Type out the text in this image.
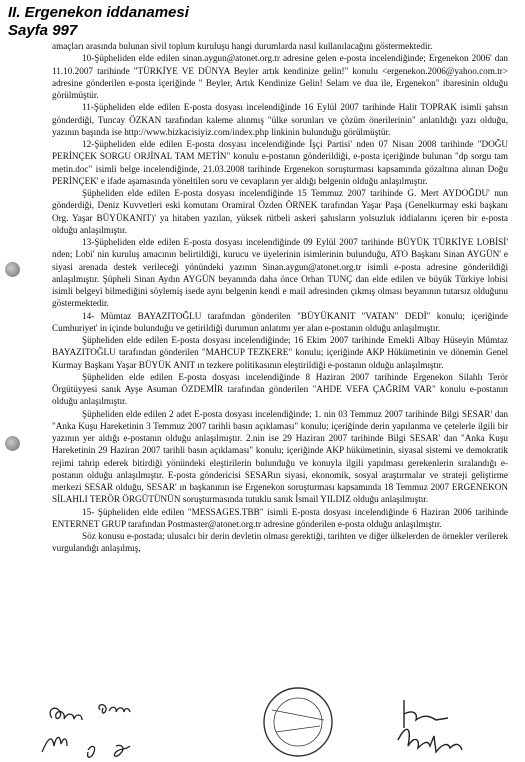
II. Ergenekon iddanamesi
Sayfa 997

amaçları arasında bulunan sivil toplum kuruluşu hangi durumlarda nasıl kullanılacağını göstermektedir.

10-Şüpheliden elde edilen sinan.aygun@atonet.org.tr adresine gelen e-posta incelendiğinde; Ergenekon 2006' dan 11.10.2007 tarihinde "TÜRKİYE VE DÜNYA Beyler artık kendinize gelin!" konulu <ergenekon.2006@yahoo.com.tr> adresine gönderilen e-posta içeriğinde " Beyler, Artık Kendinize Gelin! Selam ve dua ile, Ergenekon" ibaresinin olduğu görülmüştür.

11-Şüpheliden elde edilen E-posta dosyası incelendiğinde 16 Eylül 2007 tarihinde Halit TOPRAK isimli şahsın gönderdiği, Tuncay ÖZKAN tarafından kaleme alınmış "ülke sorunları ve çözüm önerilerinin" anlatıldığı yazı olduğu, yazının başında ise http://www.bizkacisiyiz.com/index.php linkinin bulunduğu görülmüştür.

12-Şüpheliden elde edilen E-posta dosyası incelendiğinde İşçi Partisi' nden 07 Nisan 2008 tarihinde "DOĞU PERİNÇEK SORGU ORJİNAL TAM METİN" konulu e-postanın gönderildiği, e-posta içeriğinde bulunan "dp sorgu tam metin.doc" isimli belge incelendiğinde, 21.03.2008 tarihinde Ergenekon soruşturması kapsamında gözaltına alınan Doğu PERİNÇEK' e ifade aşamasında yöneltilen soru ve cevapların yer aldığı belgenin olduğu anlaşılmıştır.

Şüpheliden elde edilen E-posta dosyası incelendiğinde 15 Temmuz 2007 tarihinde G. Mert AYDOĞDU' nun gönderdiği, Deniz Kuvvetleri eski komutanı Oramiral Özden ÖRNEK tarafından Yaşar Paşa (Genelkurmay eski başkanı Org. Yaşar BÜYÜKANIT)' ya hitaben yazılan, yüksek rütbeli askeri şahısların yolsuzluk iddialarını içeren bir e-posta olduğu anlaşılmıştır.

13-Şüpheliden elde edilen E-posta dosyası incelendiğinde 09 Eylül 2007 tarihinde BÜYÜK TÜRKİYE LOBİSİ' nden; Lobi' nin kuruluş amacının belirtildiği, kurucu ve üyelerinin isimlerinin bulunduğu, ATO Başkanı Sinan AYGÜN' e siyasi arenada destek verileceği yönündeki yazının Sinan.aygun@atonet.org.tr isimli e-posta adresine gönderildiği anlaşılmıştır. Şüpheli Sinan Aydın AYGÜN beyanında daha önce Orhan TUNÇ dan elde edilen ve büyük Türkiye lobisi isimli belgeyi bilmediğini söylemiş isede aynı belgenin kendi e mail adresinden çıkmış olması beyanının tutarsız olduğunu göstermektedir.

14- Mümtaz BAYAZITOĞLU tarafından gönderilen "BÜYÜKANIT "VATAN" DEDİ" konulu; içeriğinde Cumhuriyet' in içinde bulunduğu ve getirildiği durumun anlatımı yer alan e-postanın olduğu anlaşılmıştır.

Şüpheliden elde edilen E-posta dosyası incelendiğinde; 16 Ekim 2007 tarihinde Emekli Albay Hüseyin Mümtaz BAYAZITOĞLU tarafından gönderilen "MAHCUP TEZKERE" konulu; içeriğinde AKP Hükümetinin ve dönemin Genel Kurmay Başkanı Yaşar BÜYÜK ANIT ın tezkere politikasının eleştirildiği e-postanın olduğu anlaşılmıştır.

Şüpheliden elde edilen E-posta dosyası incelendiğinde 8 Haziran 2007 tarihinde Ergenekon Silahlı Terör Örgütüyyesi sanık Ayşe Asuman ÖZDEMİR tarafından gönderilen "AHDE VEFA ÇAĞRIM VAR" konulu e-postanın olduğu anlaşılmıştır.

Şüpheliden elde edilen 2 adet E-posta dosyası incelendiğinde; 1. nin 03 Temmuz 2007 tarihinde Bilgi SESAR' dan "Anka Kuşu Hareketinin 3 Temmuz 2007 tarihli basın açıklaması" konulu; içeriğinde derin yapılanma ve çetelerle ilgili bir yazının yer aldığı e-postanın olduğu anlaşılmıştır. 2.nin ise 29 Haziran 2007 tarihinde Bilgi SESAR' dan "Anka Kuşu Hareketinin 29 Haziran 2007 tarihli basın açıklaması" konulu; içeriğinde AKP hükümetinin, siyasal sistemi ve demokratik rejimi tahrip ederek bitirdiği yönündeki eleştirilerin bulunduğu ve konuyla ilgili yapılması gerekenlerin sıralandığı e-postanın olduğu anlaşılmıştır. E-posta göndericisi SESARın siyasi, ekonomik, sosyal araştırmalar ve strateji geliştirme merkezi SESAR olduğu, SESAR' ın başkanının ise Ergenekon soruşturması kapsamında 18 Temmuz 2007 ERGENEKON SİLAHLI TERÖR ÖRGÜTÜNÜN soruşturmasında tutuklu sanık İsmail YILDIZ olduğu anlaşılmıştır.

15- Şüpheliden elde edilen "MESSAGES.TBB" isimli E-posta dosyası incelendiğinde 6 Haziran 2006 tarihinde ENTERNET GRUP tarafından Postmaster@atonet.org.tr adresine gönderilen e-posta olduğu anlaşılmıştır.

Söz konusu e-postada; ulusalcı bir derin devletin olması gerektiği, tarihten ve diğer ülkelerden de örnekler verilerek vurgulandığı anlaşılmış,
